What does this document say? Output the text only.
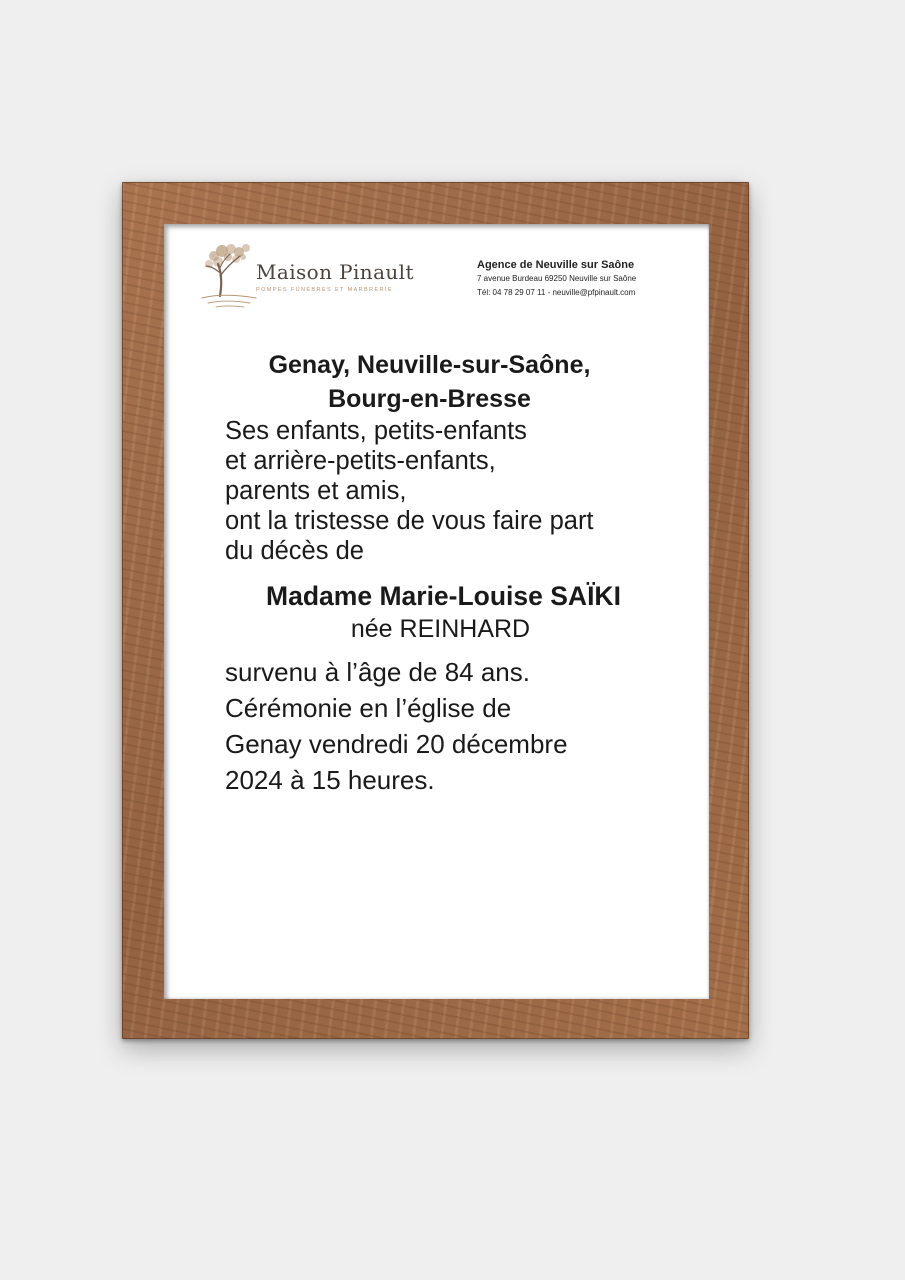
Maison Pinault
POMPES FUNÈBRES ET MARBRERIE
Agence de Neuville sur Saône
7 avenue Burdeau 69250 Neuville sur Saône
Tél: 04 78 29 07 11 - neuville@pfpinault.com

Genay, Neuville-sur-Saône,

Bourg-en-Bresse

Ses enfants, petits-enfants
et arrière-petits-enfants,
parents et amis,
ont la tristesse de vous faire part
du décès de

Madame Marie-Louise SAÏKI

née REINHARD

survenu à l’âge de 84 ans.
Cérémonie en l’église de
Genay vendredi 20 décembre
2024 à 15 heures.
